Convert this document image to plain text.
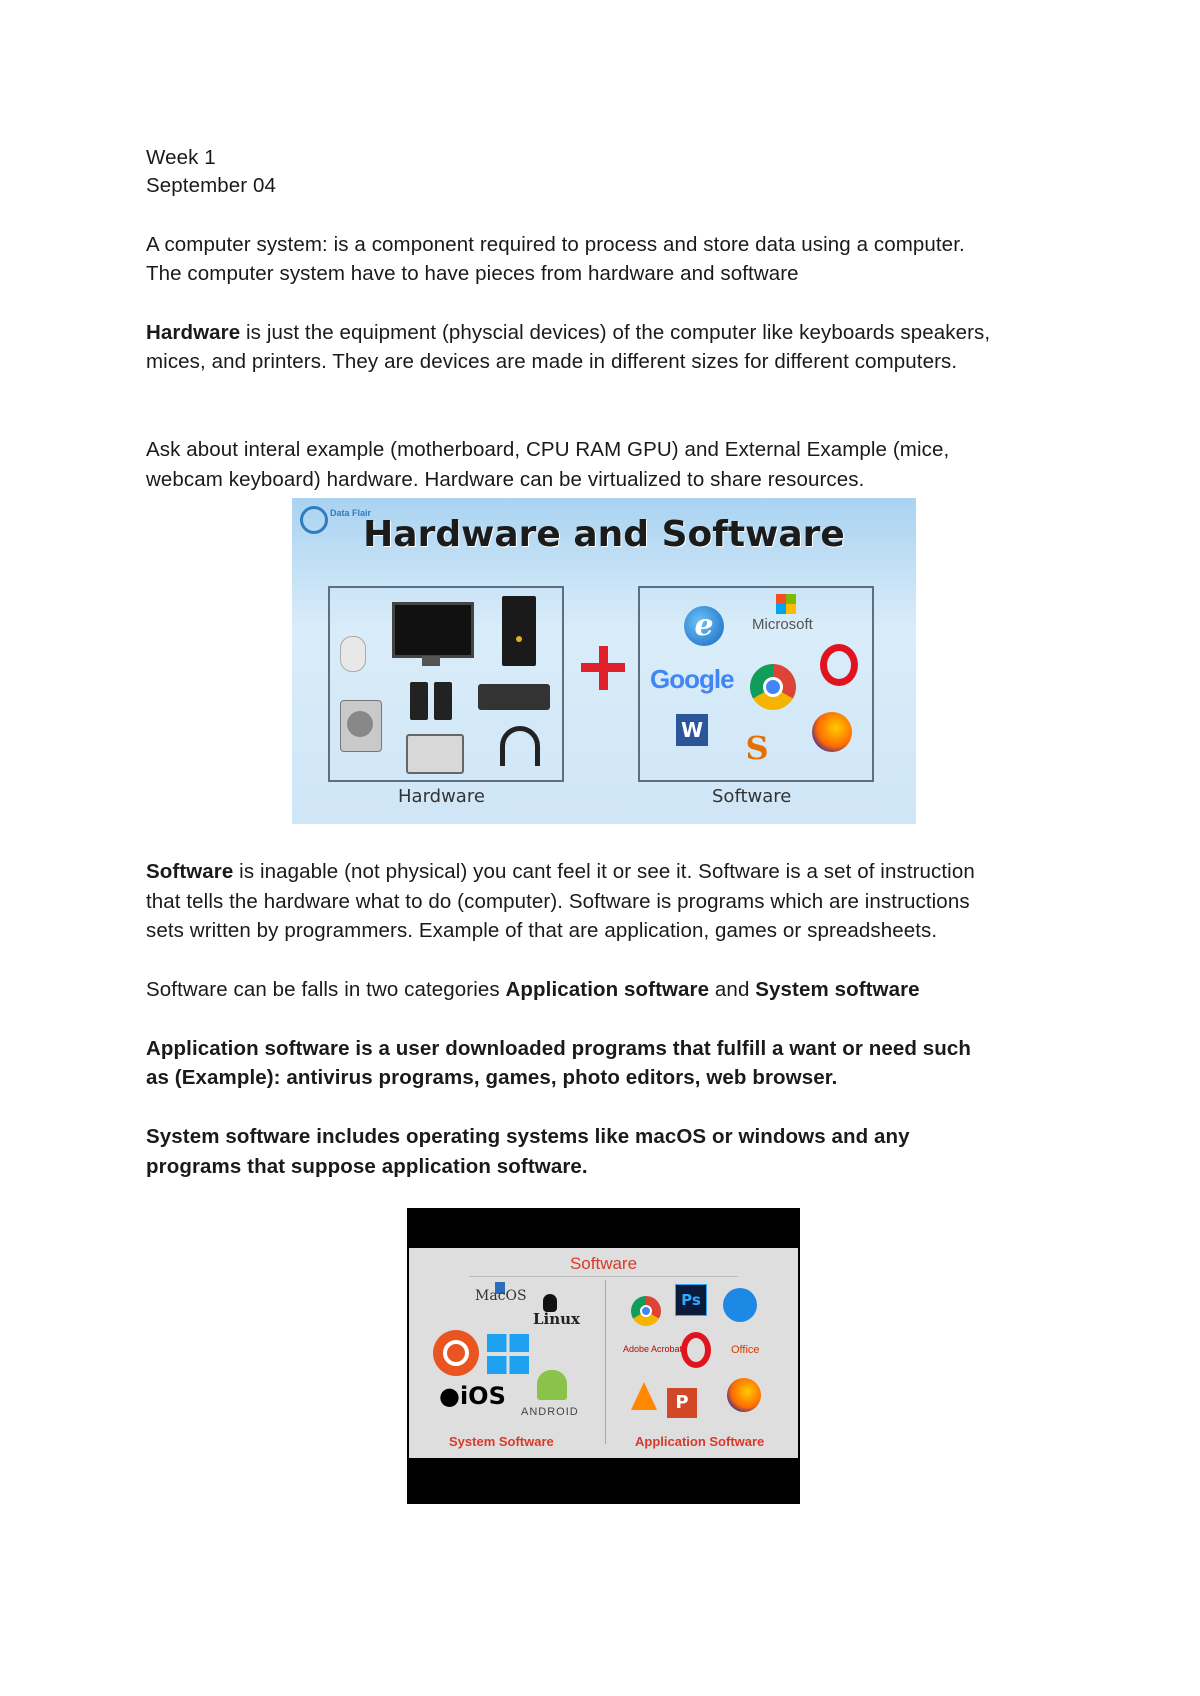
Week 1
September 04
A computer system: is a component required to process and store data using a computer.
The computer system have to have pieces from hardware and software
Hardware is just the equipment (physcial devices) of the computer like keyboards speakers,
mices, and printers. They are devices are made in different sizes for different computers.
Ask about interal example (motherboard, CPU RAM GPU) and External Example (mice,
webcam keyboard) hardware. Hardware can be virtualized to share resources.
Data Flair
Hardware and Software
e	Microsoft
Google
W S
Hardware	Software
Software is inagable (not physical) you cant feel it or see it. Software is a set of instruction
that tells the hardware what to do (computer). Software is programs which are instructions
sets written by programmers. Example of that are application, games or spreadsheets.
Software can be falls in two categories Application software and System software
Application software is a user downloaded programs that fulfill a want or need such
as (Example): antivirus programs, games, photo editors, web browser.
System software includes operating systems like macOS or windows and any
programs that suppose application software.
Software
MacOS
Linux
●iOS
ANDROID
Ps
Adobe Acrobat	Office
P
System Software	Application Software
